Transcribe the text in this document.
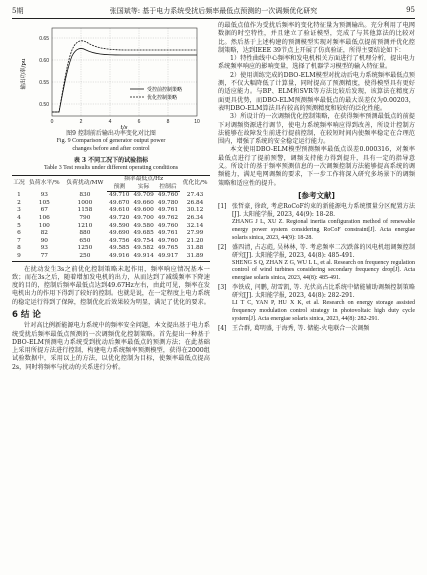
5期	张国斌等: 基于电力系统受扰后频率最低点预测的一次调频优化研究	95
0.65
0.60
0.55
0.50
0	2	4	6	8	10
t/s
输出功率/pu
受控前控制策略
优化控制策略
图9 控制前后输出功率变化对比图
Fig. 9 Comparison of generator output power
changes before and after control
表 3 不同工况下的试验指标
Table 3 Test results under different operating conditions
工况	负荷水平/%	负荷扰动/MW	频率最低点/Hz			优化比/%
			预测	实际	控制后	
1	93	830	49.710	49.709	49.760	27.43
2	105	1000	49.670	49.660	49.780	26.84
3	67	1158	49.610	49.600	49.761	30.12
4	106	790	49.720	49.700	49.762	26.34
5	100	1210	49.590	49.580	49.760	32.14
6	82	880	49.690	49.685	49.761	27.99
7	90	650	49.756	49.754	49.760	21.20
8	93	1250	49.585	49.582	49.765	31.88
9	77	250	49.916	49.914	49.917	31.89

在扰动发生3s之前优化控制策略未起作用，频率响应情况基本一致；而在3s之后，随着增加发电机的出力，从而达到了减缓频率下降速度的目的，控制后频率最低点达到49.67Hz左右，由此可见，频率在发电机出力的作用下得到了较好的控制。也就是说，在一定程度上电力系统的稳定运行得到了保障，控制优化后效果较为明显，满足了优化的要求。

6 结 论

针对高比例新能源电力系统中的频率安全问题，本文提出基于电力系统受扰后频率最低点预测的一次调频优化控制策略。首先提出一种基于DBO-ELM预测电力系统受到扰动后频率最低点的预测方法；在此基础上采用所提方法进行控制，构建电力系统频率预测模型，获得在2000组试验数据中，采用以上的方法，以优化控制为目标，使频率最低点提高2s，同时将频率与扰动的关系进行分析。

的最低点值作为受扰后频率的变化特征量为预测输出。充分利用了电网数据的时空特性，并且建立了验证模型，完成了与其他算法的比较对比。然后基于上述构建的预测模型实现对频率最低点提前预测并优化控制策略，达到IEEE 39节点上开展了仿真验证，所得主要结论如下：

1）特性曲线中心频率和发电机相关方面进行了机理分析，提出电力系统频率响应的影响变量，选择了机器学习模型的输入特征量。

2）使用训练完成的DBO-ELM模型对扰动后电力系统频率最低点预测，不仅大幅降低了计算量，同时提高了预测精度，使得模型具有更好的适应能力。与BP、ELM和SVR等方法比较后发现，该算法在精度方面更具优势，而DBO-ELM预测频率最低点的最大误差仅为0.00203，表明DBO-ELM算法具有较高的预测精度和较好的泛化性能。

3）所设计的一次调频优化控制策略，在获得频率预测最低点的前提下对调频资源进行调节，使电力系统频率响应得到改善，所设计控制方法能够在故障发生前进行提前控制，在较短时间内使频率稳定在合理范围内，增强了系统的安全稳定运行能力。

本文使用DBO-ELM模型预测频率最低点误差0.000316，对频率最低点进行了提前预警，调频支持能力得到提升，具有一定的指导意义。所设计的基于频率预测信息的一次调频控制方法能够提高系统的调频能力，满足电网调频的要求，下一步工作将深入研究多场景下的调频策略和适应性的提升。

[参考文献]
[1] 张哲豪, 徐政, 考虑RoCoF约束的新能源电力系统惯量分区配置方法[J]. 太阳能学报, 2023, 44(9): 18-28.
ZHANG J L, XU Z. Regional inertia configuration method of renewable energy power system considering RoCoF constraint[J]. Acta energiae solaris sinica, 2023, 44(9): 18-28.
[2] 盛四清, 占志彪, 吴林林, 等. 考虑频率二次跌落的风电机组调频控制研究[J]. 太阳能学报, 2023, 44(8): 485-491.
SHENG S Q, ZHAN Z G, WU L L, et al. Research on frequency regulation control of wind turbines considering secondary frequency drop[J]. Acta energiae solaris sinica, 2023, 44(8): 485-491.
[3] 李铁成, 闫鹏, 胡雪凯, 等. 光伏高占比系统中储能辅助调频控制策略研究[J]. 太阳能学报, 2023, 44(8): 282-291.
LI T C, YAN P, HU X K, et al. Research on energy storage assisted frequency modulation control strategy in photovoltaic high duty cycle system[J]. Acta energiae solaris sinica, 2023, 44(8): 282-291.
[4] 王合群, 葛明盛, 于海秀, 等. 储能-火电联合一次调频
